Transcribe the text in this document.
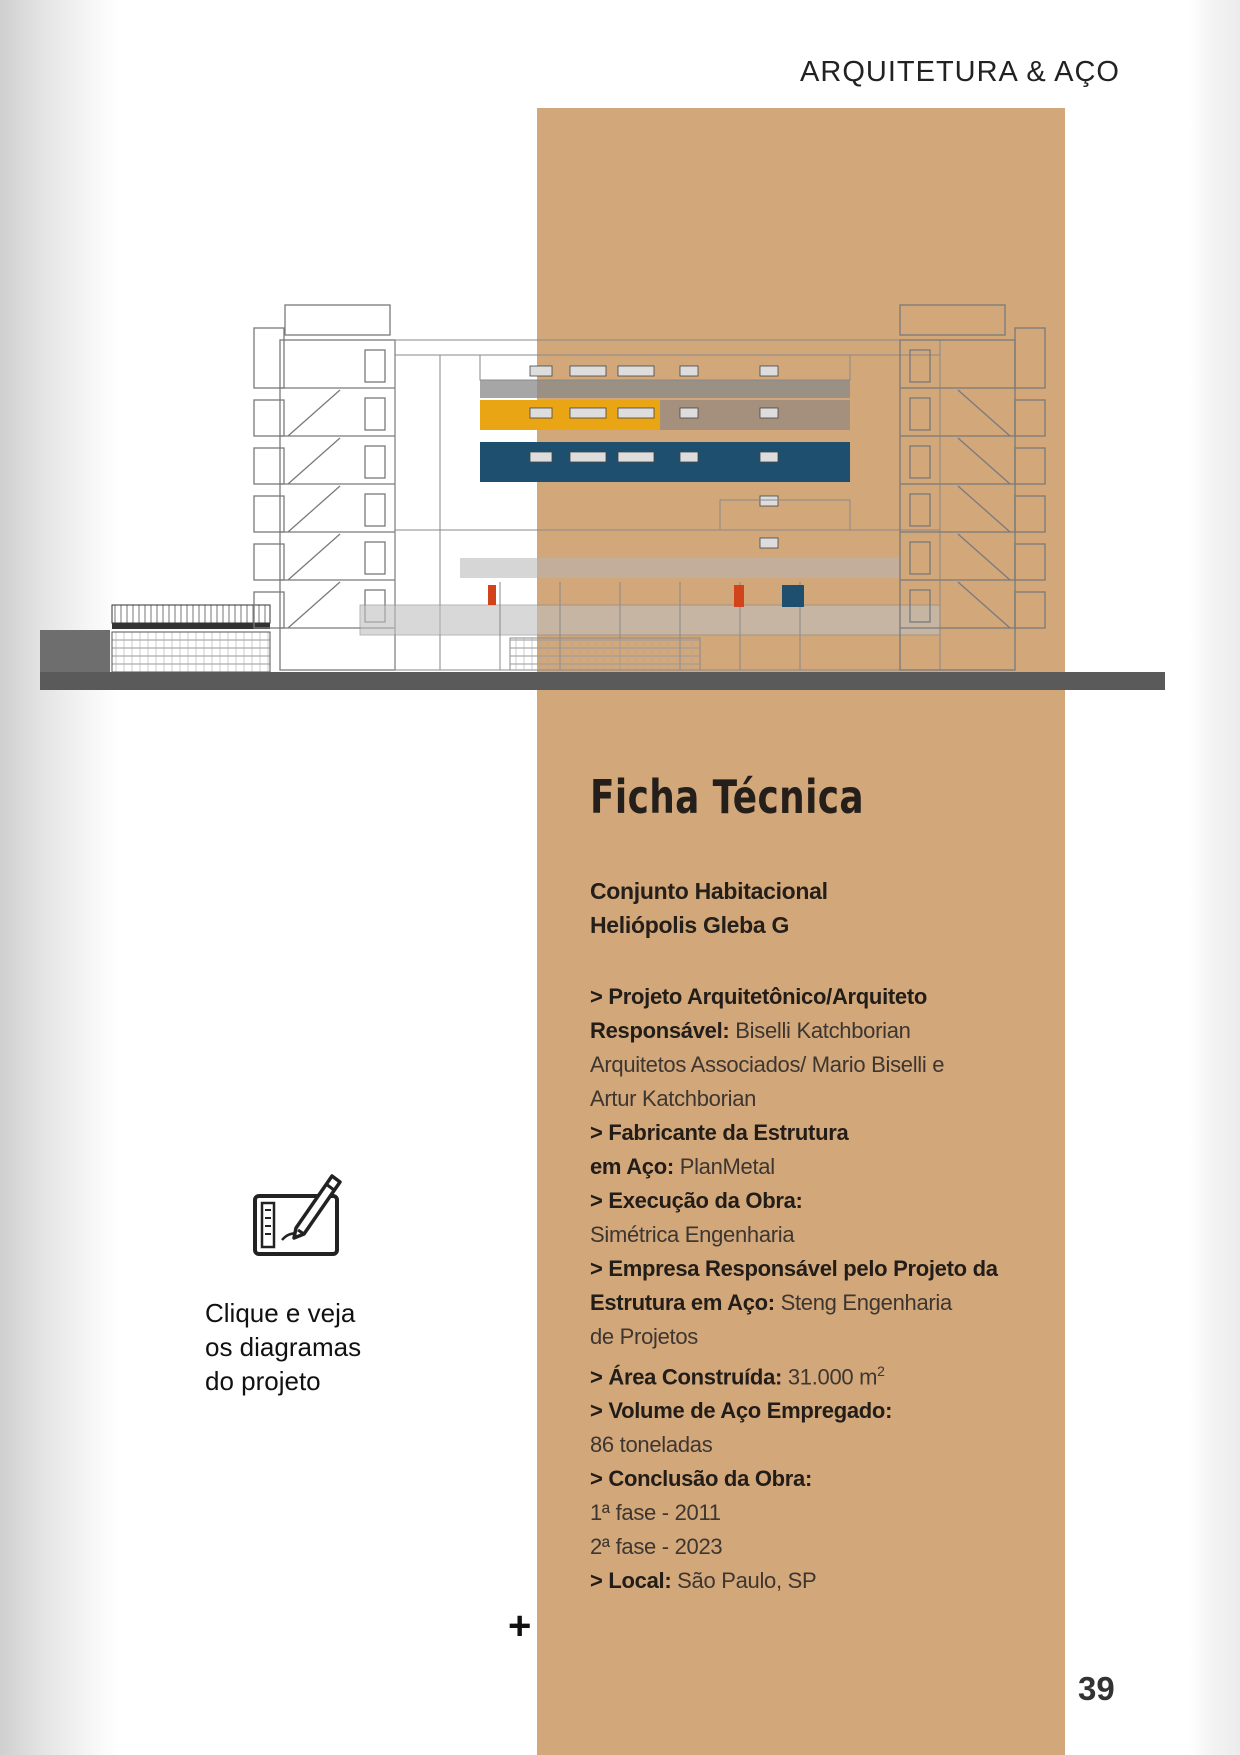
ARQUITETURA & AÇO
Ficha Técnica
Conjunto Habitacional
Heliópolis Gleba G
> Projeto Arquitetônico/Arquiteto
Responsável: Biselli Katchborian
Arquitetos Associados/ Mario Biselli e
Artur Katchborian
> Fabricante da Estrutura
em Aço: PlanMetal
> Execução da Obra:
Simétrica Engenharia
> Empresa Responsável pelo Projeto da
Estrutura em Aço: Steng Engenharia
de Projetos
> Área Construída: 31.000 $m^2$
> Volume de Aço Empregado:
86 toneladas
> Conclusão da Obra:
1ª fase - 2011
2ª fase - 2023
> Local: São Paulo, SP
Clique e veja
os diagramas
do projeto
+
39
